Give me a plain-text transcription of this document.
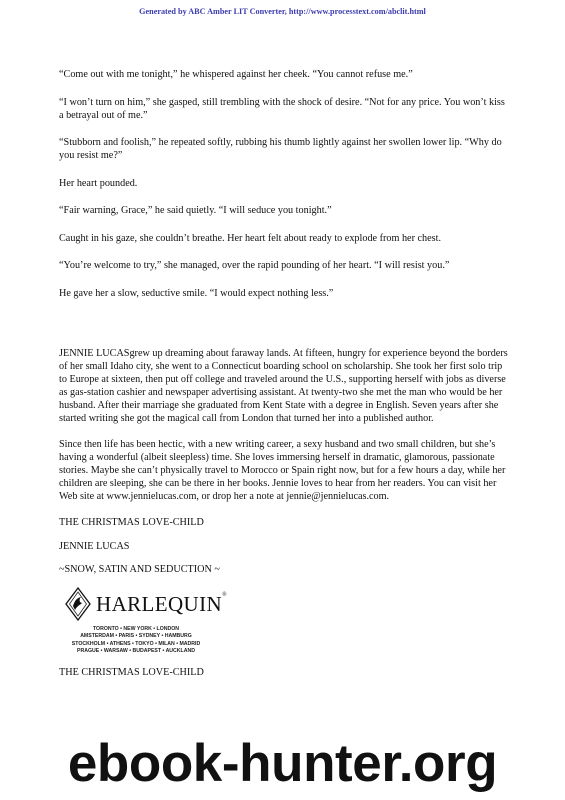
Generated by ABC Amber LIT Converter, http://www.processtext.com/abclit.html

“Come out with me tonight,” he whispered against her cheek. “You cannot refuse me.”

“I won’t turn on him,” she gasped, still trembling with the shock of desire. “Not for any price. You won’t kiss a betrayal out of me.”

“Stubborn and foolish,” he repeated softly, rubbing his thumb lightly against her swollen lower lip. “Why do you resist me?”

Her heart pounded.

“Fair warning, Grace,” he said quietly. “I will seduce you tonight.”

Caught in his gaze, she couldn’t breathe. Her heart felt about ready to explode from her chest.

“You’re welcome to try,” she managed, over the rapid pounding of her heart. “I will resist you.”

He gave her a slow, seductive smile. “I would expect nothing less.”

JENNIE LUCASgrew up dreaming about faraway lands. At fifteen, hungry for experience beyond the borders of her small Idaho city, she went to a Connecticut boarding school on scholarship. She took her first solo trip to Europe at sixteen, then put off college and traveled around the U.S., supporting herself with jobs as diverse as gas-station cashier and newspaper advertising assistant. At twenty-two she met the man who would be her husband. After their marriage she graduated from Kent State with a degree in English. Seven years after she started writing she got the magical call from London that turned her into a published author.

Since then life has been hectic, with a new writing career, a sexy husband and two small children, but she’s having a wonderful (albeit sleepless) time. She loves immersing herself in dramatic, glamorous, passionate stories. Maybe she can’t physically travel to Morocco or Spain right now, but for a few hours a day, while her children are sleeping, she can be there in her books. Jennie loves to hear from her readers. You can visit her Web site at www.jennielucas.com, or drop her a note at jennie@jennielucas.com.

THE CHRISTMAS LOVE-CHILD

JENNIE LUCAS

~SNOW, SATIN AND SEDUCTION ~

HARLEQUIN®
TORONTO • NEW YORK • LONDON
AMSTERDAM • PARIS • SYDNEY • HAMBURG
STOCKHOLM • ATHENS • TOKYO • MILAN • MADRID
PRAGUE • WARSAW • BUDAPEST • AUCKLAND

THE CHRISTMAS LOVE-CHILD

ebook-hunter.org
